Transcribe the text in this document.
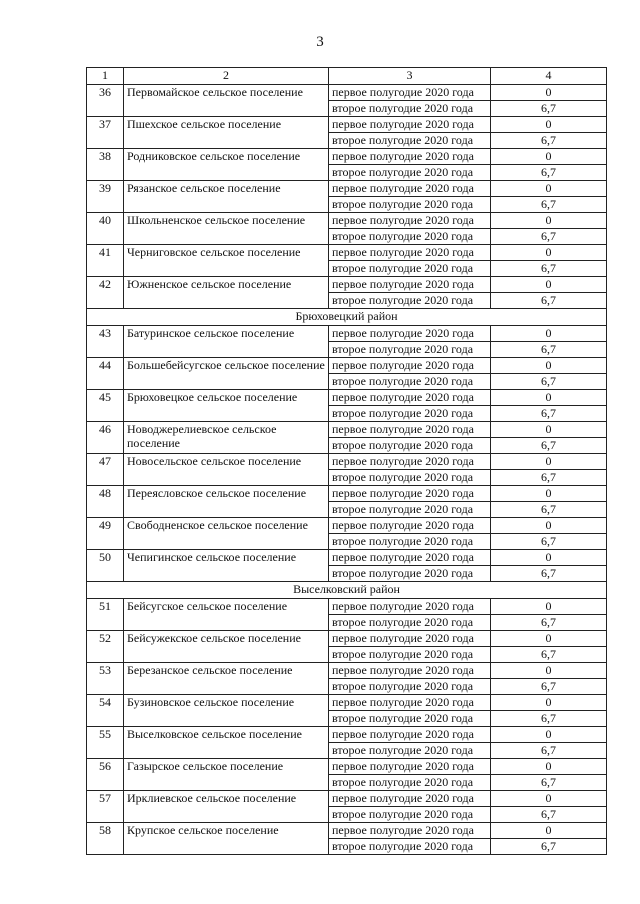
3
1	2	3	4
36	Первомайское сельское поселение	первое полугодие 2020 года	0
		второе полугодие 2020 года	6,7
37	Пшехское сельское поселение	первое полугодие 2020 года	0
		второе полугодие 2020 года	6,7
38	Родниковское сельское поселение	первое полугодие 2020 года	0
		второе полугодие 2020 года	6,7
39	Рязанское сельское поселение	первое полугодие 2020 года	0
		второе полугодие 2020 года	6,7
40	Школьненское сельское поселение	первое полугодие 2020 года	0
		второе полугодие 2020 года	6,7
41	Черниговское сельское поселение	первое полугодие 2020 года	0
		второе полугодие 2020 года	6,7
42	Южненское сельское поселение	первое полугодие 2020 года	0
		второе полугодие 2020 года	6,7
Брюховецкий район			
43	Батуринское сельское поселение	первое полугодие 2020 года	0
		второе полугодие 2020 года	6,7
44	Большебейсугское сельское поселение	первое полугодие 2020 года	0
		второе полугодие 2020 года	6,7
45	Брюховецкое сельское поселение	первое полугодие 2020 года	0
		второе полугодие 2020 года	6,7
46	Новоджерелиевское сельское поселение	первое полугодие 2020 года	0
		второе полугодие 2020 года	6,7
47	Новосельское сельское поселение	первое полугодие 2020 года	0
		второе полугодие 2020 года	6,7
48	Переясловское сельское поселение	первое полугодие 2020 года	0
		второе полугодие 2020 года	6,7
49	Свободненское сельское поселение	первое полугодие 2020 года	0
		второе полугодие 2020 года	6,7
50	Чепигинское сельское поселение	первое полугодие 2020 года	0
		второе полугодие 2020 года	6,7
Выселковский район			
51	Бейсугское сельское поселение	первое полугодие 2020 года	0
		второе полугодие 2020 года	6,7
52	Бейсужекское сельское поселение	первое полугодие 2020 года	0
		второе полугодие 2020 года	6,7
53	Березанское сельское поселение	первое полугодие 2020 года	0
		второе полугодие 2020 года	6,7
54	Бузиновское сельское поселение	первое полугодие 2020 года	0
		второе полугодие 2020 года	6,7
55	Выселковское сельское поселение	первое полугодие 2020 года	0
		второе полугодие 2020 года	6,7
56	Газырское сельское поселение	первое полугодие 2020 года	0
		второе полугодие 2020 года	6,7
57	Ирклиевское сельское поселение	первое полугодие 2020 года	0
		второе полугодие 2020 года	6,7
58	Крупское сельское поселение	первое полугодие 2020 года	0
		второе полугодие 2020 года	6,7
